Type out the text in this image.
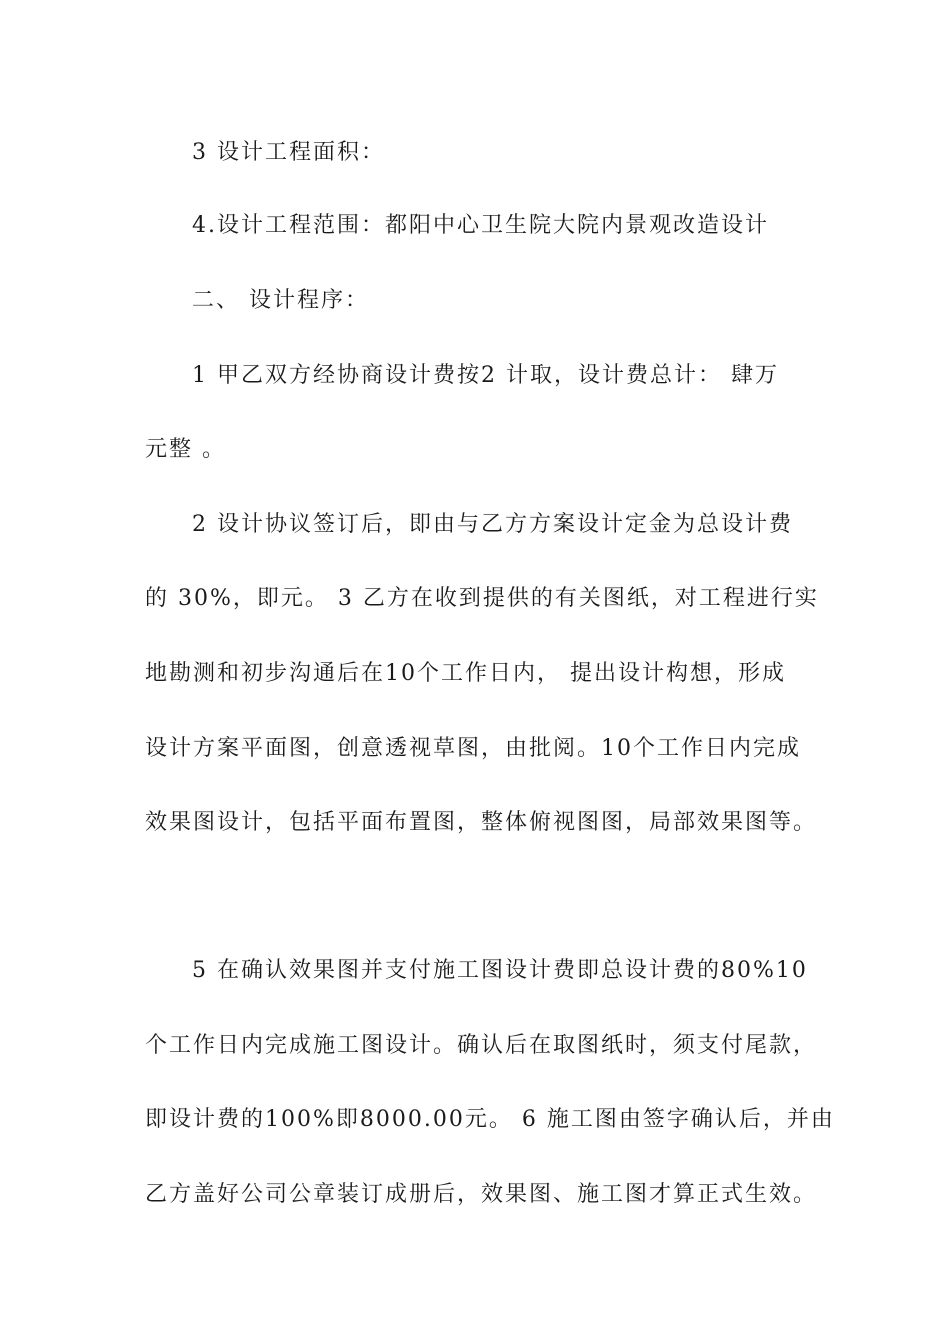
3 设计工程面积：

4.设计工程范围：都阳中心卫生院大院内景观改造设计

二、 设计程序：

1 甲乙双方经协商设计费按2 计取，设计费总计： 肆万

元整 。

2 设计协议签订后，即由与乙方方案设计定金为总设计费

的 30%，即元。 3 乙方在收到提供的有关图纸，对工程进行实

地勘测和初步沟通后在10个工作日内， 提出设计构想，形成

设计方案平面图，创意透视草图，由批阅。10个工作日内完成

效果图设计，包括平面布置图，整体俯视图图，局部效果图等。

5 在确认效果图并支付施工图设计费即总设计费的80%10

个工作日内完成施工图设计。确认后在取图纸时，须支付尾款，

即设计费的100%即8000.00元。 6 施工图由签字确认后，并由

乙方盖好公司公章装订成册后，效果图、施工图才算正式生效。
